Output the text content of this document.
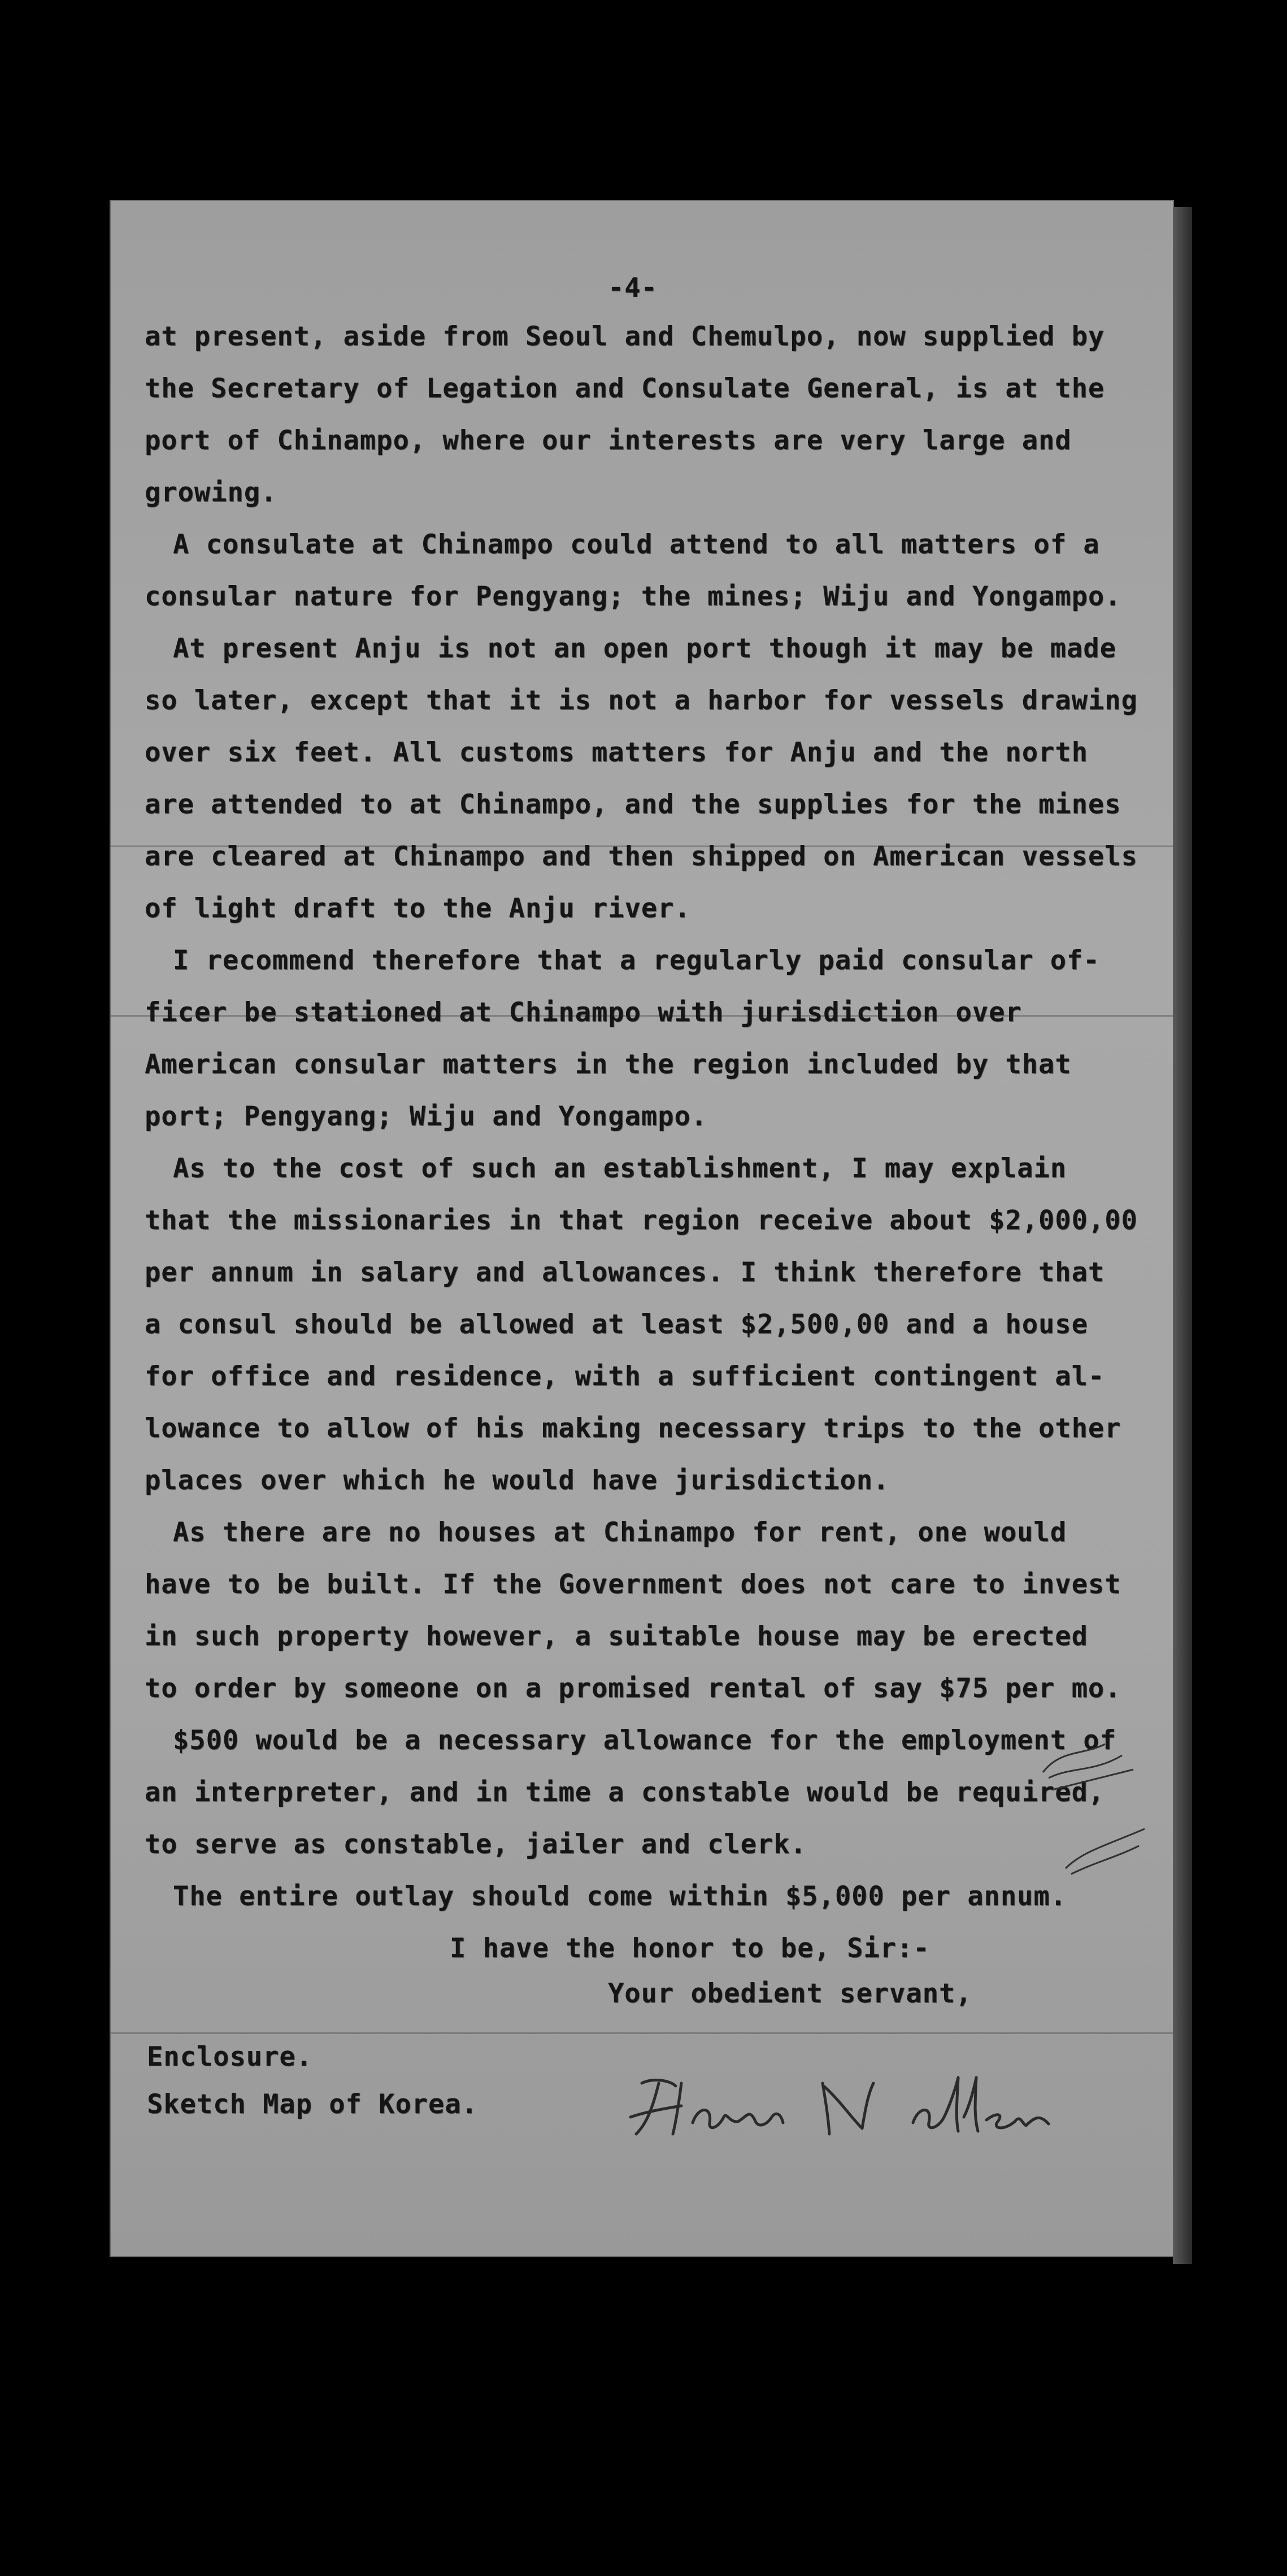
-4-
at present, aside from Seoul and Chemulpo, now supplied by
the Secretary of Legation and Consulate General, is at the
port of Chinampo, where our interests are very large and
growing.
A consulate at Chinampo could attend to all matters of a
consular nature for Pengyang; the mines; Wiju and Yongampo.
At present Anju is not an open port though it may be made
so later, except that it is not a harbor for vessels drawing
over six feet. All customs matters for Anju and the north
are attended to at Chinampo, and the supplies for the mines
are cleared at Chinampo and then shipped on American vessels
of light draft to the Anju river.
I recommend therefore that a regularly paid consular of-
ficer be stationed at Chinampo with jurisdiction over
American consular matters in the region included by that
port; Pengyang; Wiju and Yongampo.
As to the cost of such an establishment, I may explain
that the missionaries in that region receive about $2,000,00
per annum in salary and allowances. I think therefore that
a consul should be allowed at least $2,500,00 and a house
for office and residence, with a sufficient contingent al-
lowance to allow of his making necessary trips to the other
places over which he would have jurisdiction.
As there are no houses at Chinampo for rent, one would
have to be built. If the Government does not care to invest
in such property however, a suitable house may be erected
to order by someone on a promised rental of say $75 per mo.
$500 would be a necessary allowance for the employment of
an interpreter, and in time a constable would be required,
to serve as constable, jailer and clerk.
The entire outlay should come within $5,000 per annum.
I have the honor to be, Sir:-
Your obedient servant,
Enclosure.
Sketch Map of Korea.
